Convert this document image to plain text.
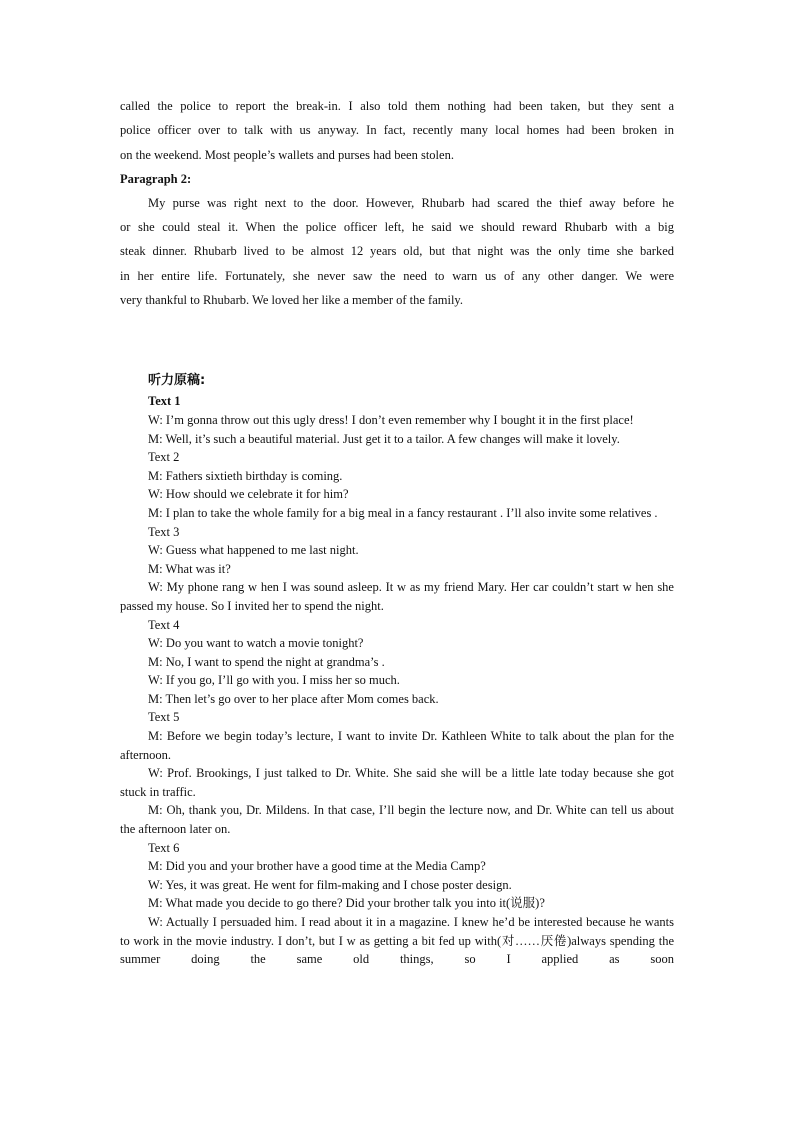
called the police to report the break-in. I also told them nothing had been taken, but they sent a
police officer over to talk with us anyway. In fact, recently many local homes had been broken in
on the weekend. Most people’s wallets and purses had been stolen.
Paragraph 2:
My purse was right next to the door. However, Rhubarb had scared the thief away before he
or she could steal it. When the police officer left, he said we should reward Rhubarb with a big
steak dinner. Rhubarb lived to be almost 12 years old, but that night was the only time she barked
in her entire life. Fortunately, she never saw the need to warn us of any other danger. We were
very thankful to Rhubarb. We loved her like a member of the family.
听力原稿:
Text 1
W: I’m gonna throw out this ugly dress! I don’t even remember why I bought it in the first place!
M: Well, it’s such a beautiful material. Just get it to a tailor. A few changes will make it lovely.
Text 2
M: Fathers sixtieth birthday is coming.
W: How should we celebrate it for him?
M: I plan to take the whole family for a big meal in a fancy restaurant . I’ll also invite some relatives .
Text 3
W: Guess what happened to me last night.
M: What was it?
W: My phone rang w hen I was sound asleep. It w as my friend Mary. Her car couldn’t start w hen she passed my house. So I invited her to spend the night.
Text 4
W: Do you want to watch a movie tonight?
M: No, I want to spend the night at grandma’s .
W: If you go, I’ll go with you. I miss her so much.
M: Then let’s go over to her place after Mom comes back.
Text 5
M: Before we begin today’s lecture, I want to invite Dr. Kathleen White to talk about the plan for the afternoon.
W: Prof. Brookings, I just talked to Dr. White. She said she will be a little late today because she got stuck in traffic.
M: Oh, thank you, Dr. Mildens. In that case, I’ll begin the lecture now, and Dr. White can tell us about the afternoon later on.
Text 6
M: Did you and your brother have a good time at the Media Camp?
W: Yes, it was great. He went for film-making and I chose poster design.
M: What made you decide to go there? Did your brother talk you into it(说服)?
W: Actually I persuaded him. I read about it in a magazine. I knew he’d be interested because he wants to work in the movie industry. I don’t, but I w as getting a bit fed up with(对……厌倦)always spending the summer doing the same old things, so I applied as soon
